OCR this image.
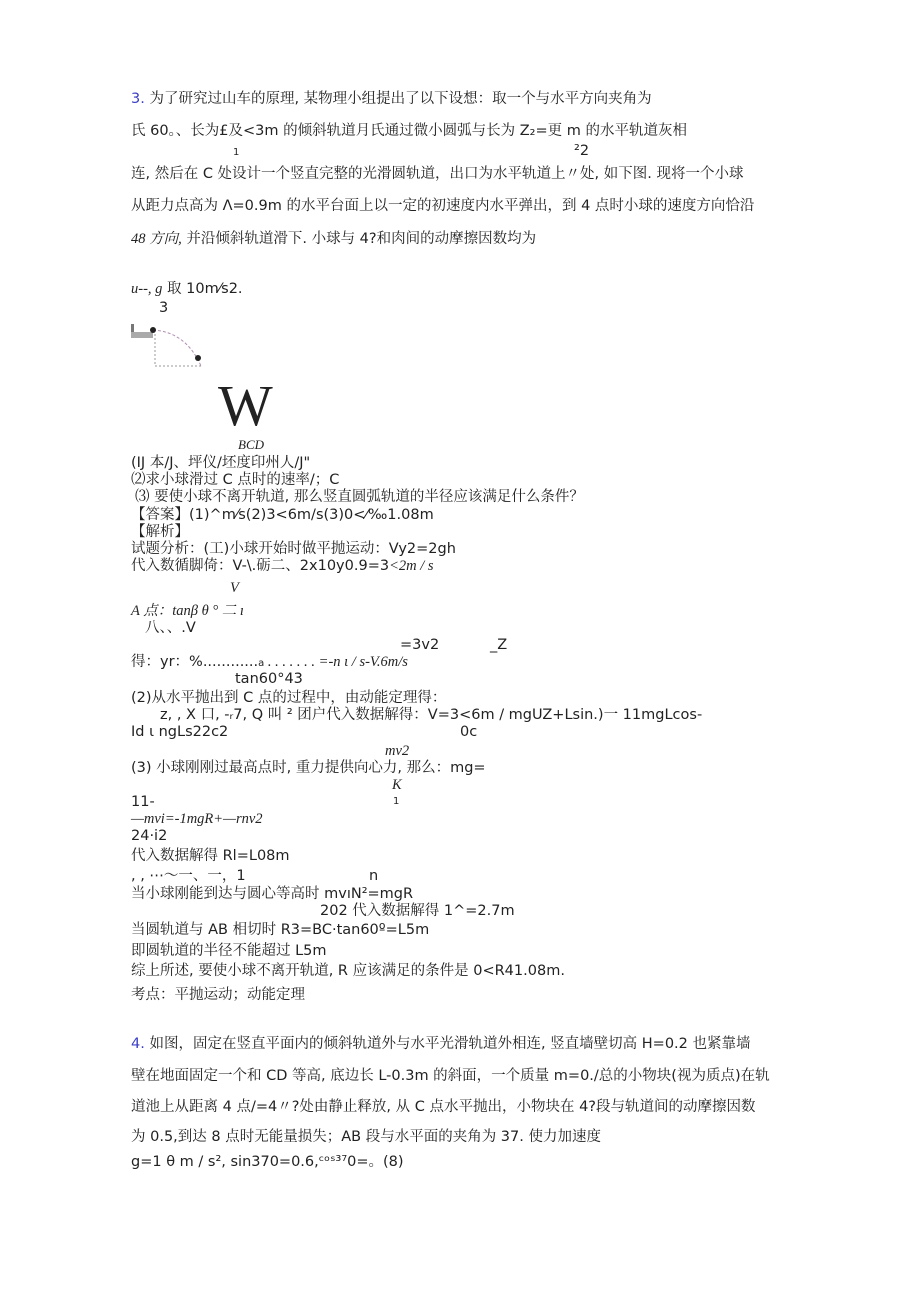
3. 为了研究过山车的原理, 某物理小组提出了以下设想：取一个与水平方向夹角为
氏 60。、长为£及<3m 的倾斜轨道月氏通过微小圆弧与长为 Z₂=更 m 的水平轨道灰相
1	²2
连, 然后在 C 处设计一个竖直完整的光滑圆轨道，出口为水平轨道上〃处, 如下图. 现将一个小球
从距力点高为 Λ=0.9m 的水平台面上以一定的初速度内水平弹出，到 4 点时小球的速度方向恰沿
48 方向, 并沿倾斜轨道滑下. 小球与 4?和肉间的动摩擦因数均为
u--, g 取 10m⁄s2.
3
W
BCD
(IJ 本/J、坪仪/坯度印州人/J"
⑵求小球滑过 C 点时的速率/；C
⑶ 要使小球不离开轨道, 那么竖直圆弧轨道的半径应该满足什么条件？
【答案】(1)^m⁄s(2)3<6m/s(3)0<⁄‰1.08m
【解析】
试题分析：(工)小球开始时做平抛运动：Vy2=2gh
代入数循脚倚：V-\.砺二、2x10y0.9=3<2m / s
V
A 点：tanβ θ ° 二 ı
八、、.V
=3v2	_Z
得：yr：%............a . . . . . . . =-n ι / s-V.6m/s
tan60°43
(2)从水平抛出到 C 点的过程中，由动能定理得：
z, , X 口, -ᵣ7, Q 叫 ² 团户代入数据解得：V=3<6m / mgUZ+Lsin.)一 11mgLcos-
Id ι ngLs22c2	0c
mv2
(3) 小球刚刚过最高点时, 重力提供向心力, 那么：mg=
K
1
11-
—mvi=-1mgR+—rnv2
24·i2
代入数据解得 Rl=L08m
, , ⋯～一、一，1	n
当小球刚能到达与圆心等高时 mvıN²=mgR
202 代入数据解得 1^=2.7m
当圆轨道与 AB 相切时 R3=BC·tan60º=L5m
即圆轨道的半径不能超过 L5m
综上所述, 要使小球不离开轨道, R 应该满足的条件是 0<R41.08m.
考点：平抛运动；动能定理
4. 如图，固定在竖直平面内的倾斜轨道外与水平光滑轨道外相连, 竖直墙壁切高 H=0.2 也紧靠墙
壁在地面固定一个和 CD 等高, 底边长 L-0.3m 的斜面，一个质量 m=0./总的小物块(视为质点)在轨
道池上从距离 4 点/=4〃?处由静止释放, 从 C 点水平抛出，小物块在 4?段与轨道间的动摩擦因数
为 0.5,到达 8 点时无能量损失；AB 段与水平面的夹角为 37. 使力加速度
g=1 θ m / s², sin370=0.6,ᶜᵒˢ³⁷0=。(8)
